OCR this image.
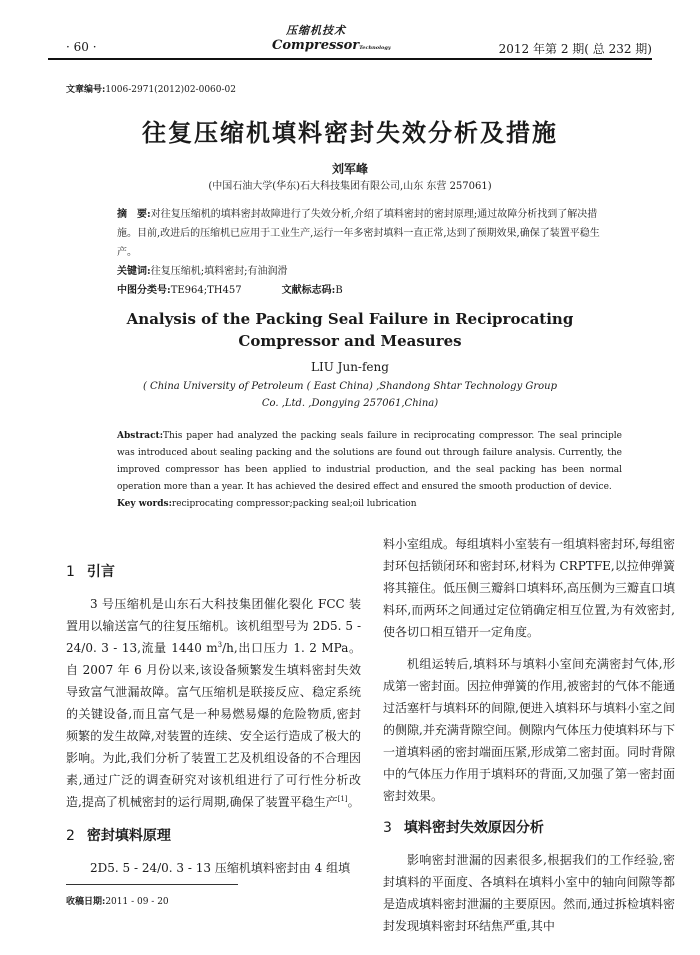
· 60 ·
压缩机技术
CompressorTechnology	2012 年第 2 期( 总 232 期)
文章编号:1006-2971(2012)02-0060-02
往复压缩机填料密封失效分析及措施
刘军峰
(中国石油大学(华东)石大科技集团有限公司,山东 东营 257061)
摘　要:对往复压缩机的填料密封故障进行了失效分析,介绍了填料密封的密封原理;通过故障分析找到了解决措施。目前,改进后的压缩机已应用于工业生产,运行一年多密封填料一直正常,达到了预期效果,确保了装置平稳生产。
关键词:往复压缩机;填料密封;有油润滑
中图分类号:TE964;TH457	文献标志码:B
Analysis of the Packing Seal Failure in Reciprocating
Compressor and Measures
LIU Jun-feng
( China University of Petroleum ( East China) ,Shandong Shtar Technology Group
Co. ,Ltd. ,Dongying 257061,China)
Abstract:This paper had analyzed the packing seals failure in reciprocating compressor. The seal principle was introduced about sealing packing and the solutions are found out through failure analysis. Currently, the improved compressor has been applied to industrial production, and the seal packing has been normal operation more than a year. It has achieved the desired effect and ensured the smooth production of device.
Key words:reciprocating compressor;packing seal;oil lubrication
1 引言

3 号压缩机是山东石大科技集团催化裂化 FCC 装置用以输送富气的往复压缩机。该机组型号为 2D5. 5 - 24/0. 3 - 13,流量 1440 $m^3/h$,出口压力 1. 2 MPa。自 2007 年 6 月份以来,该设备频繁发生填料密封失效导致富气泄漏故障。富气压缩机是联接反应、稳定系统的关键设备,而且富气是一种易燃易爆的危险物质,密封频繁的发生故障,对装置的连续、安全运行造成了极大的影响。为此,我们分析了装置工艺及机组设备的不合理因素,通过广泛的调查研究对该机组进行了可行性分析改造,提高了机械密封的运行周期,确保了装置平稳生产[1]。

2 密封填料原理

2D5. 5 - 24/0. 3 - 13 压缩机填料密封由 4 组填

收稿日期:2011 - 09 - 20
料小室组成。每组填料小室装有一组填料密封环,每组密封环包括锁闭环和密封环,材料为 CRPTFE,以拉伸弹簧将其箍住。低压侧三瓣斜口填料环,高压侧为三瓣直口填料环,而两环之间通过定位销确定相互位置,为有效密封,使各切口相互错开一定角度。

机组运转后,填料环与填料小室间充满密封气体,形成第一密封面。因拉伸弹簧的作用,被密封的气体不能通过活塞杆与填料环的间隙,便进入填料环与填料小室之间的侧隙,并充满背隙空间。侧隙内气体压力使填料环与下一道填料函的密封端面压紧,形成第二密封面。同时背隙中的气体压力作用于填料环的背面,又加强了第一密封面密封效果。

3 填料密封失效原因分析

影响密封泄漏的因素很多,根据我们的工作经验,密封填料的平面度、各填料在填料小室中的轴向间隙等都是造成填料密封泄漏的主要原因。然而,通过拆检填料密封发现填料密封环结焦严重,其中
